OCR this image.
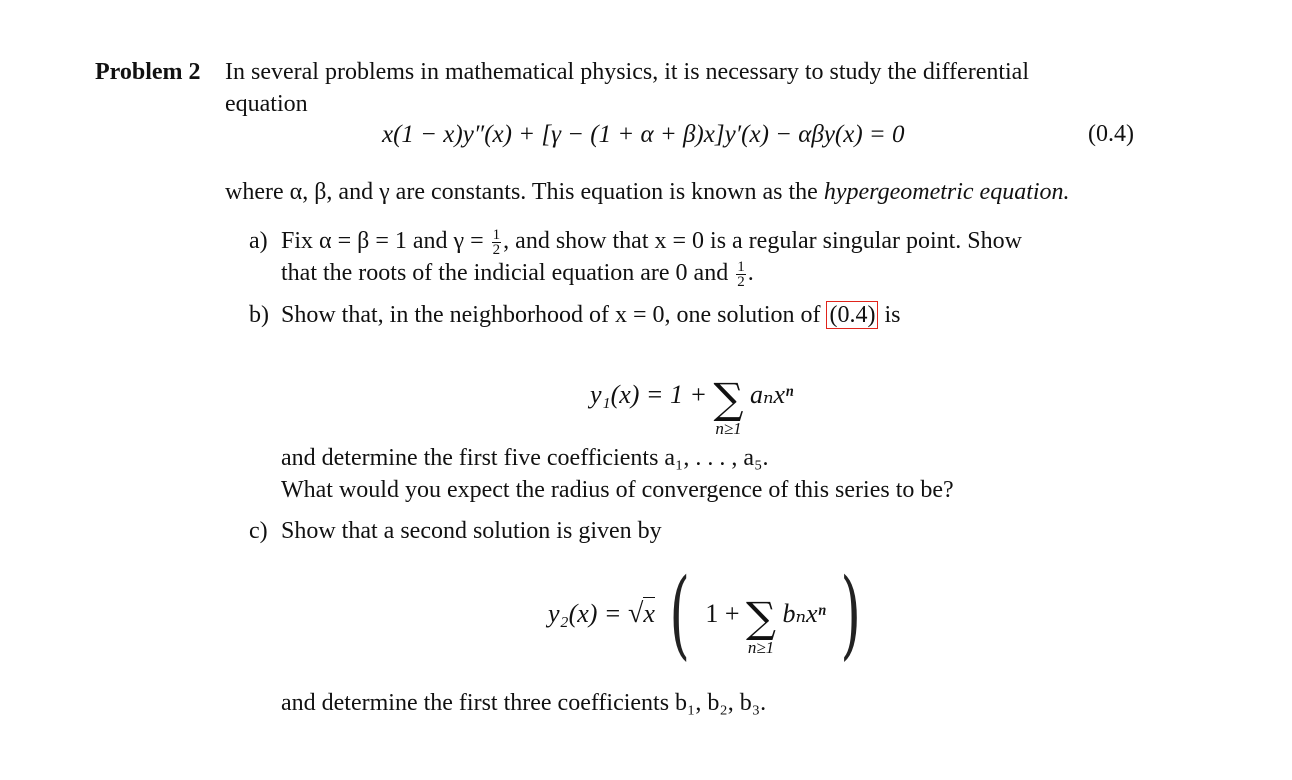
Problem 2 In several problems in mathematical physics, it is necessary to study the differential
equation
x(1 − x)y″(x) + [γ − (1 + α + β)x]y′(x) − αβy(x) = 0	(0.4)
where α, β, and γ are constants. This equation is known as the hypergeometric equation.
a) Fix α = β = 1 and $\gamma = \frac{1}{2}$ , and show that x = 0 is a regular singular point. Show
that the roots of the indicial equation are 0 and $\frac{1}{2}$ .
b) Show that, in the neighborhood of x = 0, one solution of (0.4) is
y₁(x) = 1 + ∑
n≥1
aₙxⁿ
and determine the first five coefficients a₁, . . . , a₅.
What would you expect the radius of convergence of this series to be?
c) Show that a second solution is given by
y₂(x) = √x ( 1 + ∑
n≥1
bₙxⁿ )
and determine the first three coefficients b₁, b₂, b₃.
